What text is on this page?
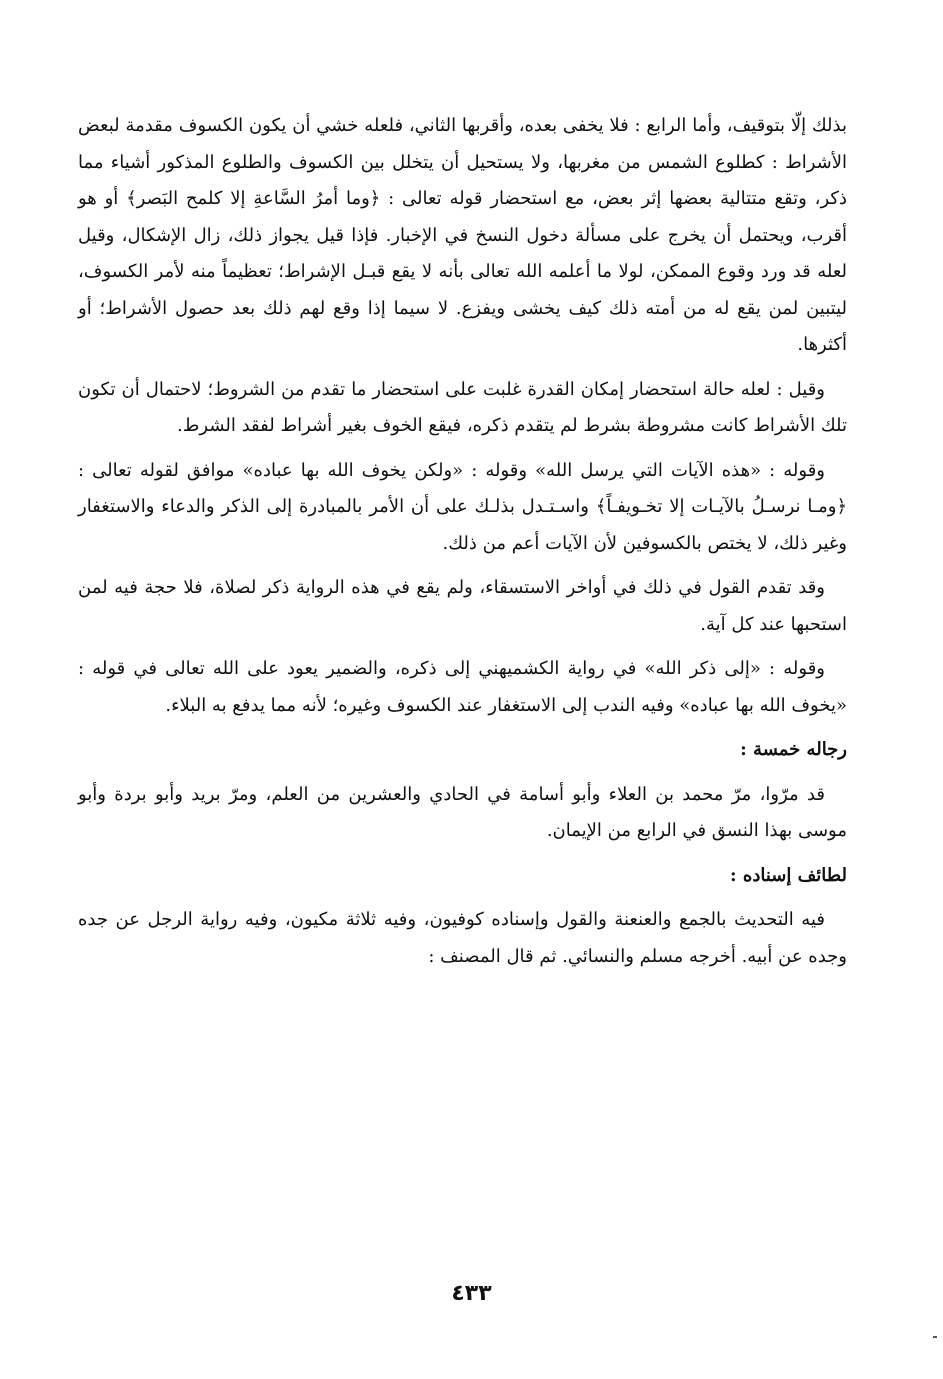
بذلك إلّا بتوقيف، وأما الرابع : فلا يخفى بعده، وأقربها الثاني، فلعله خشي أن يكون الكسوف مقدمة لبعض الأشراط : كطلوع الشمس من مغربها، ولا يستحيل أن يتخلل بين الكسوف والطلوع المذكور أشياء مما ذكر، وتقع متتالية بعضها إثر بعض، مع استحضار قوله تعالى : ﴿وما أمرُ السَّاعةِ إلا كلمح البَصر﴾ أو هو أقرب، ويحتمل أن يخرج على مسألة دخول النسخ في الإخبار. فإذا قيل يجواز ذلك، زال الإشكال، وقيل لعله قد ورد وقوع الممكن، لولا ما أعلمه الله تعالى بأنه لا يقع قبـل الإشراط؛ تعظيماً منه لأمر الكسوف، ليتبين لمن يقع له من أمته ذلك كيف يخشى ويفزع. لا سيما إذا وقع لهم ذلك بعد حصول الأشراط؛ أو أكثرها.

وقيل : لعله حالة استحضار إمكان القدرة غلبت على استحضار ما تقدم من الشروط؛ لاحتمال أن تكون تلك الأشراط كانت مشروطة بشرط لم يتقدم ذكره، فيقع الخوف بغير أشراط لفقد الشرط.

وقوله : «هذه الآيات التي يرسل الله» وقوله : «ولكن يخوف الله بها عباده» موافق لقوله تعالى : ﴿ومـا نرسـلُ بالآيـات إلا تخـويفـاً﴾ واسـتـدل بذلـك على أن الأمر بالمبادرة إلى الذكر والدعاء والاستغفار وغير ذلك، لا يختص بالكسوفين لأن الآيات أعم من ذلك.

وقد تقدم القول في ذلك في أواخر الاستسقاء، ولم يقع في هذه الرواية ذكر لصلاة، فلا حجة فيه لمن استحبها عند كل آية.

وقوله : «إلى ذكر الله» في رواية الكشميهني إلى ذكره، والضمير يعود على الله تعالى في قوله : «يخوف الله بها عباده» وفيه الندب إلى الاستغفار عند الكسوف وغيره؛ لأنه مما يدفع به البلاء.

رجاله خمسة :

قد مرّوا، مرّ محمد بن العلاء وأبو أسامة في الحادي والعشرين من العلم، ومرّ بريد وأبو بردة وأبو موسى بهذا النسق في الرابع من الإيمان.

لطائف إسناده :

فيه التحديث بالجمع والعنعنة والقول وإسناده كوفيون، وفيه ثلاثة مكيون، وفيه رواية الرجل عن جده وجده عن أبيه. أخرجه مسلم والنسائي. ثم قال المصنف :

٤٣٣
